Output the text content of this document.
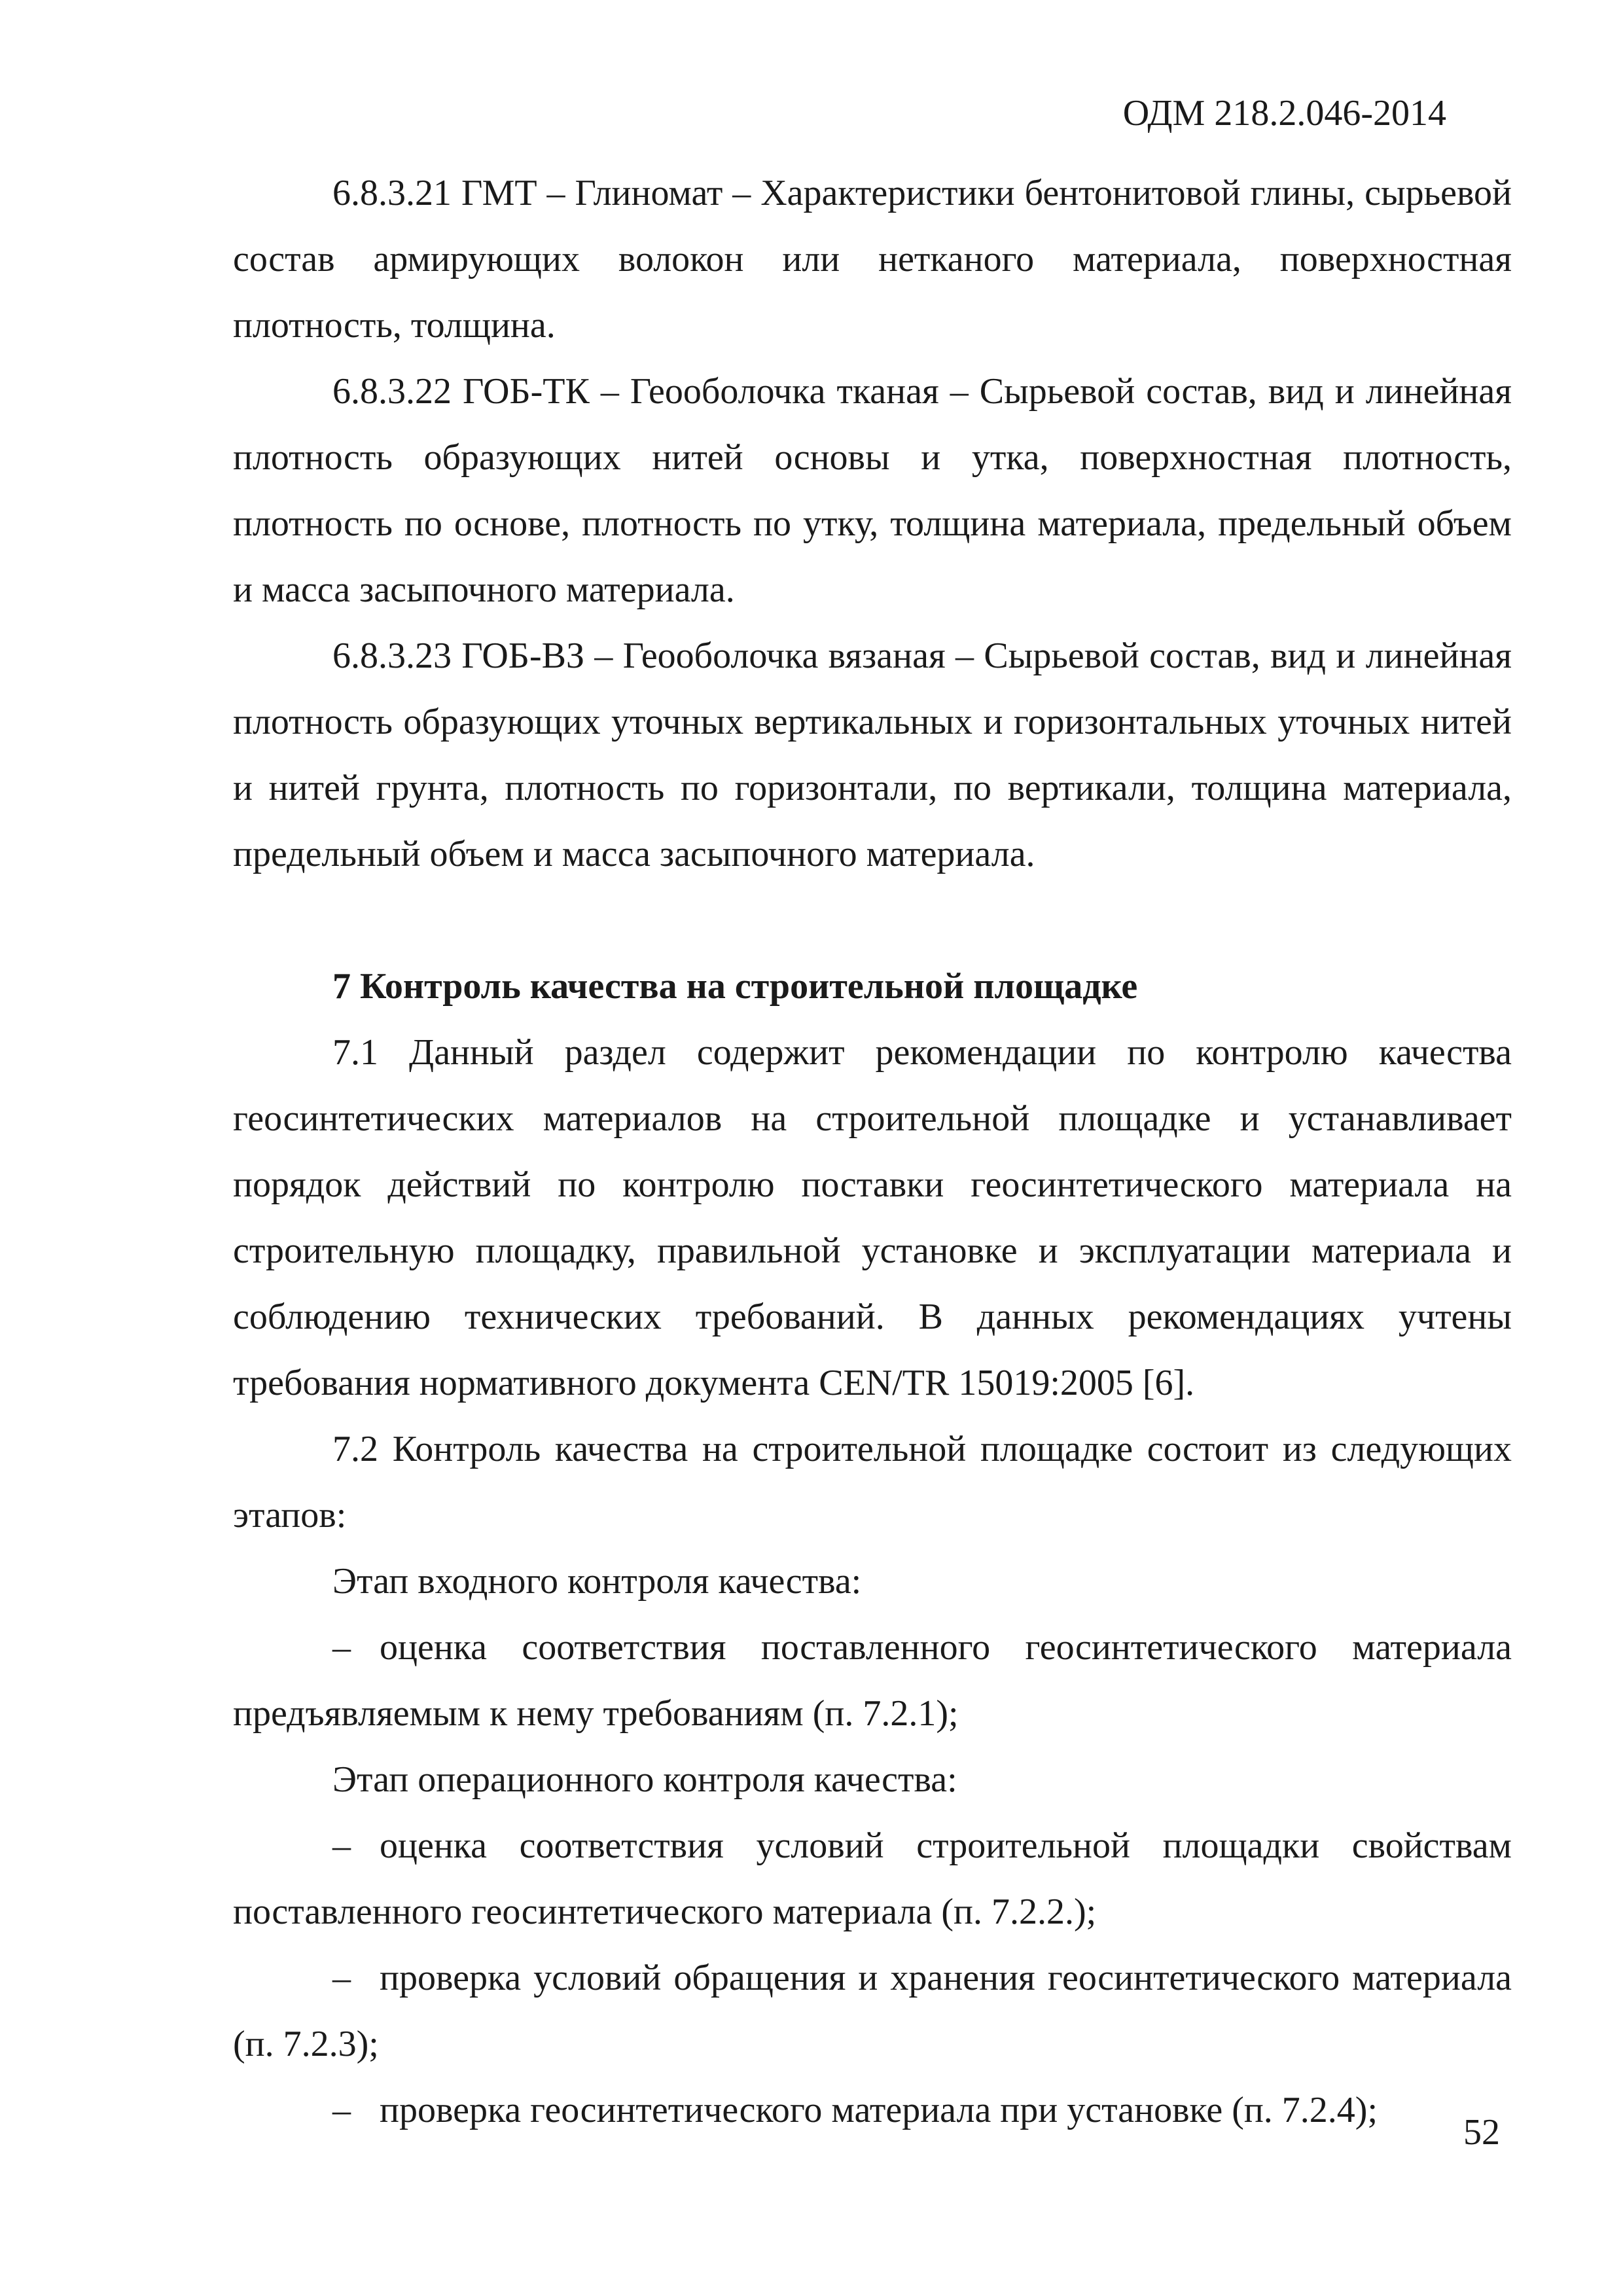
ОДМ 218.2.046-2014

6.8.3.21 ГМТ – Глиномат – Характеристики бентонитовой глины, сырьевой состав армирующих волокон или нетканого материала, поверхностная плотность, толщина.

6.8.3.22 ГОБ-ТК – Геооболочка тканая – Сырьевой состав, вид и линейная плотность образующих нитей основы и утка, поверхностная плотность, плотность по основе, плотность по утку, толщина материала, предельный объем и масса засыпочного материала.

6.8.3.23 ГОБ-ВЗ – Геооболочка вязаная – Сырьевой состав, вид и линейная плотность образующих уточных вертикальных и горизонтальных уточных нитей и нитей грунта, плотность по горизонтали, по вертикали, толщина материала, предельный объем и масса засыпочного материала.

7 Контроль качества на строительной площадке

7.1 Данный раздел содержит рекомендации по контролю качества геосинтетических материалов на строительной площадке и устанавливает порядок действий по контролю поставки геосинтетического материала на строительную площадку, правильной установке и эксплуатации материала и соблюдению технических требований. В данных рекомендациях учтены требования нормативного документа CEN/TR 15019:2005 [6].

7.2 Контроль качества на строительной площадке состоит из следующих этапов:

Этап входного контроля качества:

– оценка соответствия поставленного геосинтетического материала предъявляемым к нему требованиям (п. 7.2.1);

Этап операционного контроля качества:

– оценка соответствия условий строительной площадки свойствам поставленного геосинтетического материала (п. 7.2.2.);

– проверка условий обращения и хранения геосинтетического материала (п. 7.2.3);

– проверка геосинтетического материала при установке (п. 7.2.4);

52
